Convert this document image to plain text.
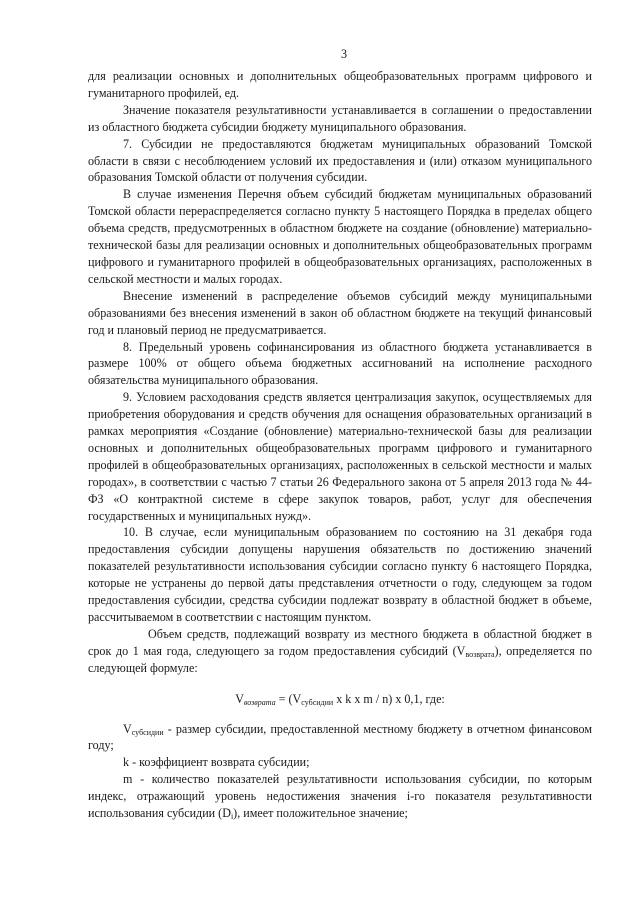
3

для реализации основных и дополнительных общеобразовательных программ цифрового и гуманитарного профилей, ед.

Значение показателя результативности устанавливается в соглашении о предоставлении из областного бюджета субсидии бюджету муниципального образования.

7. Субсидии не предоставляются бюджетам муниципальных образований Томской области в связи с несоблюдением условий их предоставления и (или) отказом муниципального образования Томской области от получения субсидии.

В случае изменения Перечня объем субсидий бюджетам муниципальных образований Томской области перераспределяется согласно пункту 5 настоящего Порядка в пределах общего объема средств, предусмотренных в областном бюджете на создание (обновление) материально-технической базы для реализации основных и дополнительных общеобразовательных программ цифрового и гуманитарного профилей в общеобразовательных организациях, расположенных в сельской местности и малых городах.

Внесение изменений в распределение объемов субсидий между муниципальными образованиями без внесения изменений в закон об областном бюджете на текущий финансовый год и плановый период не предусматривается.

8. Предельный уровень софинансирования из областного бюджета устанавливается в размере 100% от общего объема бюджетных ассигнований на исполнение расходного обязательства муниципального образования.

9. Условием расходования средств является централизация закупок, осуществляемых для приобретения оборудования и средств обучения для оснащения образовательных организаций в рамках мероприятия «Создание (обновление) материально-технической базы для реализации основных и дополнительных общеобразовательных программ цифрового и гуманитарного профилей в общеобразовательных организациях, расположенных в сельской местности и малых городах», в соответствии с частью 7 статьи 26 Федерального закона от 5 апреля 2013 года № 44-ФЗ «О контрактной системе в сфере закупок товаров, работ, услуг для обеспечения государственных и муниципальных нужд».

10. В случае, если муниципальным образованием по состоянию на 31 декабря года предоставления субсидии допущены нарушения обязательств по достижению значений показателей результативности использования субсидии согласно пункту 6 настоящего Порядка, которые не устранены до первой даты представления отчетности о году, следующем за годом предоставления субсидии, средства субсидии подлежат возврату в областной бюджет в объеме, рассчитываемом в соответствии с настоящим пунктом.

Объем средств, подлежащий возврату из местного бюджета в областной бюджет в срок до 1 мая года, следующего за годом предоставления субсидий $(V_{возврата})$, определяется по следующей формуле:

$V_{возврата} = (V_{субсидии}$ x k x m / n) x 0,1, где:

$V_{субсидии}$ - размер субсидии, предоставленной местному бюджету в отчетном финансовом году;

k - коэффициент возврата субсидии;

m - количество показателей результативности использования субсидии, по которым индекс, отражающий уровень недостижения значения i-го показателя результативности использования субсидии $(D_i)$, имеет положительное значение;
